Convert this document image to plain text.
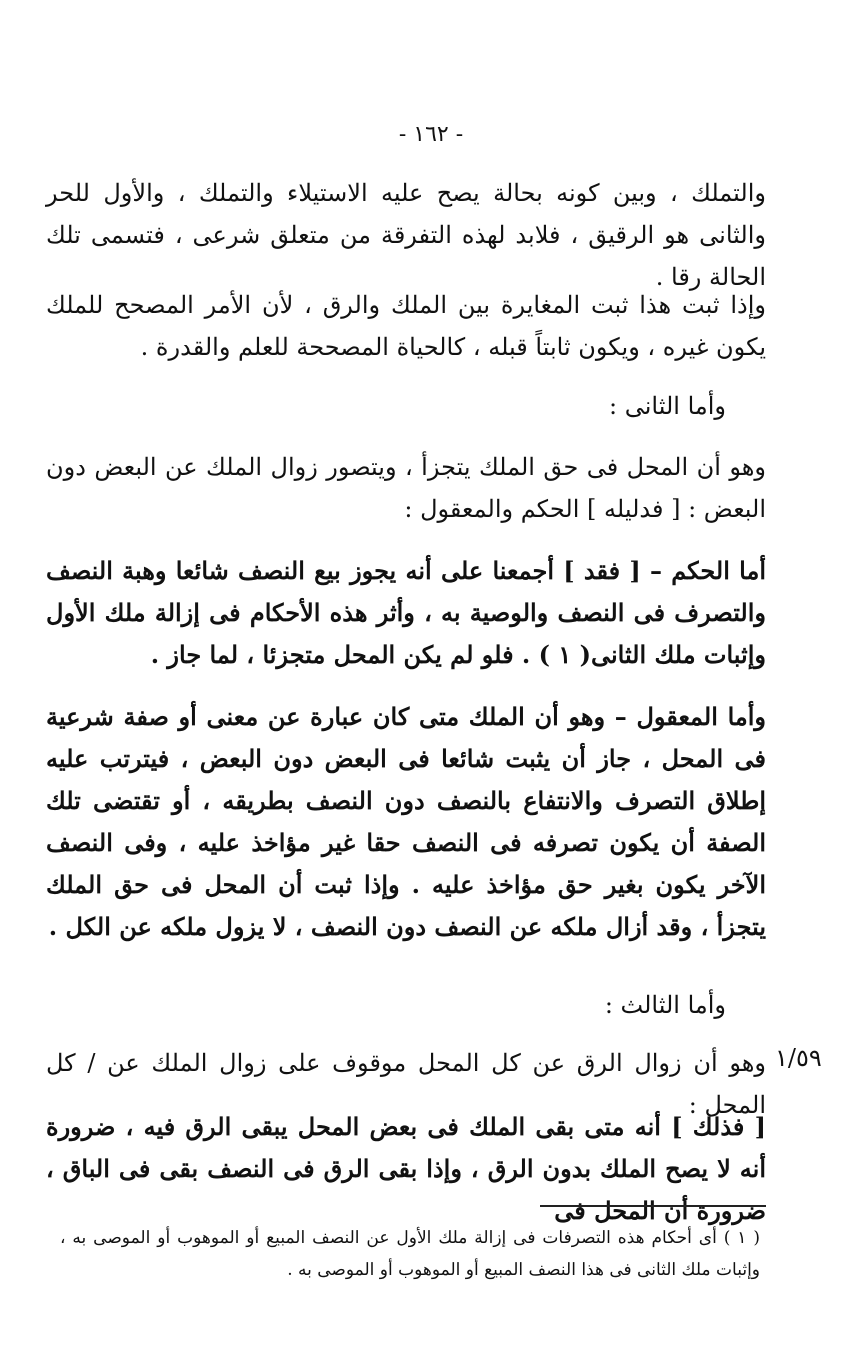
- ١٦٢ -

والتملك ، وبين كونه بحالة يصح عليه الاستيلاء والتملك ، والأول للحر والثانى هو الرقيق ، فلابد لهذه التفرقة من متعلق شرعى ، فتسمى تلك الحالة رقا .

وإذا ثبت هذا ثبت المغايرة بين الملك والرق ، لأن الأمر المصحح للملك يكون غيره ، ويكون ثابتاً قبله ، كالحياة المصححة للعلم والقدرة .

وأما الثانى :

وهو أن المحل فى حق الملك يتجزأ ، ويتصور زوال الملك عن البعض دون البعض : [ فدليله ] الحكم والمعقول :

أما الحكم – [ فقد ] أجمعنا على أنه يجوز بيع النصف شائعا وهبة النصف والتصرف فى النصف والوصية به ، وأثر هذه الأحكام فى إزالة ملك الأول وإثبات ملك الثانى( ١ ) . فلو لم يكن المحل متجزئا ، لما جاز .

وأما المعقول – وهو أن الملك متى كان عبارة عن معنى أو صفة شرعية فى المحل ، جاز أن يثبت شائعا فى البعض دون البعض ، فيترتب عليه إطلاق التصرف والانتفاع بالنصف دون النصف بطريقه ، أو تقتضى تلك الصفة أن يكون تصرفه فى النصف حقا غير مؤاخذ عليه ، وفى النصف الآخر يكون بغير حق مؤاخذ عليه . وإذا ثبت أن المحل فى حق الملك يتجزأ ، وقد أزال ملكه عن النصف دون النصف ، لا يزول ملكه عن الكل .

وأما الثالث :

١/٥٩

وهو أن زوال الرق عن كل المحل موقوف على زوال الملك عن / كل المحل :

[ فذلك ] أنه متى بقى الملك فى بعض المحل يبقى الرق فيه ، ضرورة أنه لا يصح الملك بدون الرق ، وإذا بقى الرق فى النصف بقى فى الباق ، ضرورة أن المحل فى

( ١ ) أى أحكام هذه التصرفات فى إزالة ملك الأول عن النصف المبيع أو الموهوب أو الموصى به ، وإثبات ملك الثانى فى هذا النصف المبيع أو الموهوب أو الموصى به .
